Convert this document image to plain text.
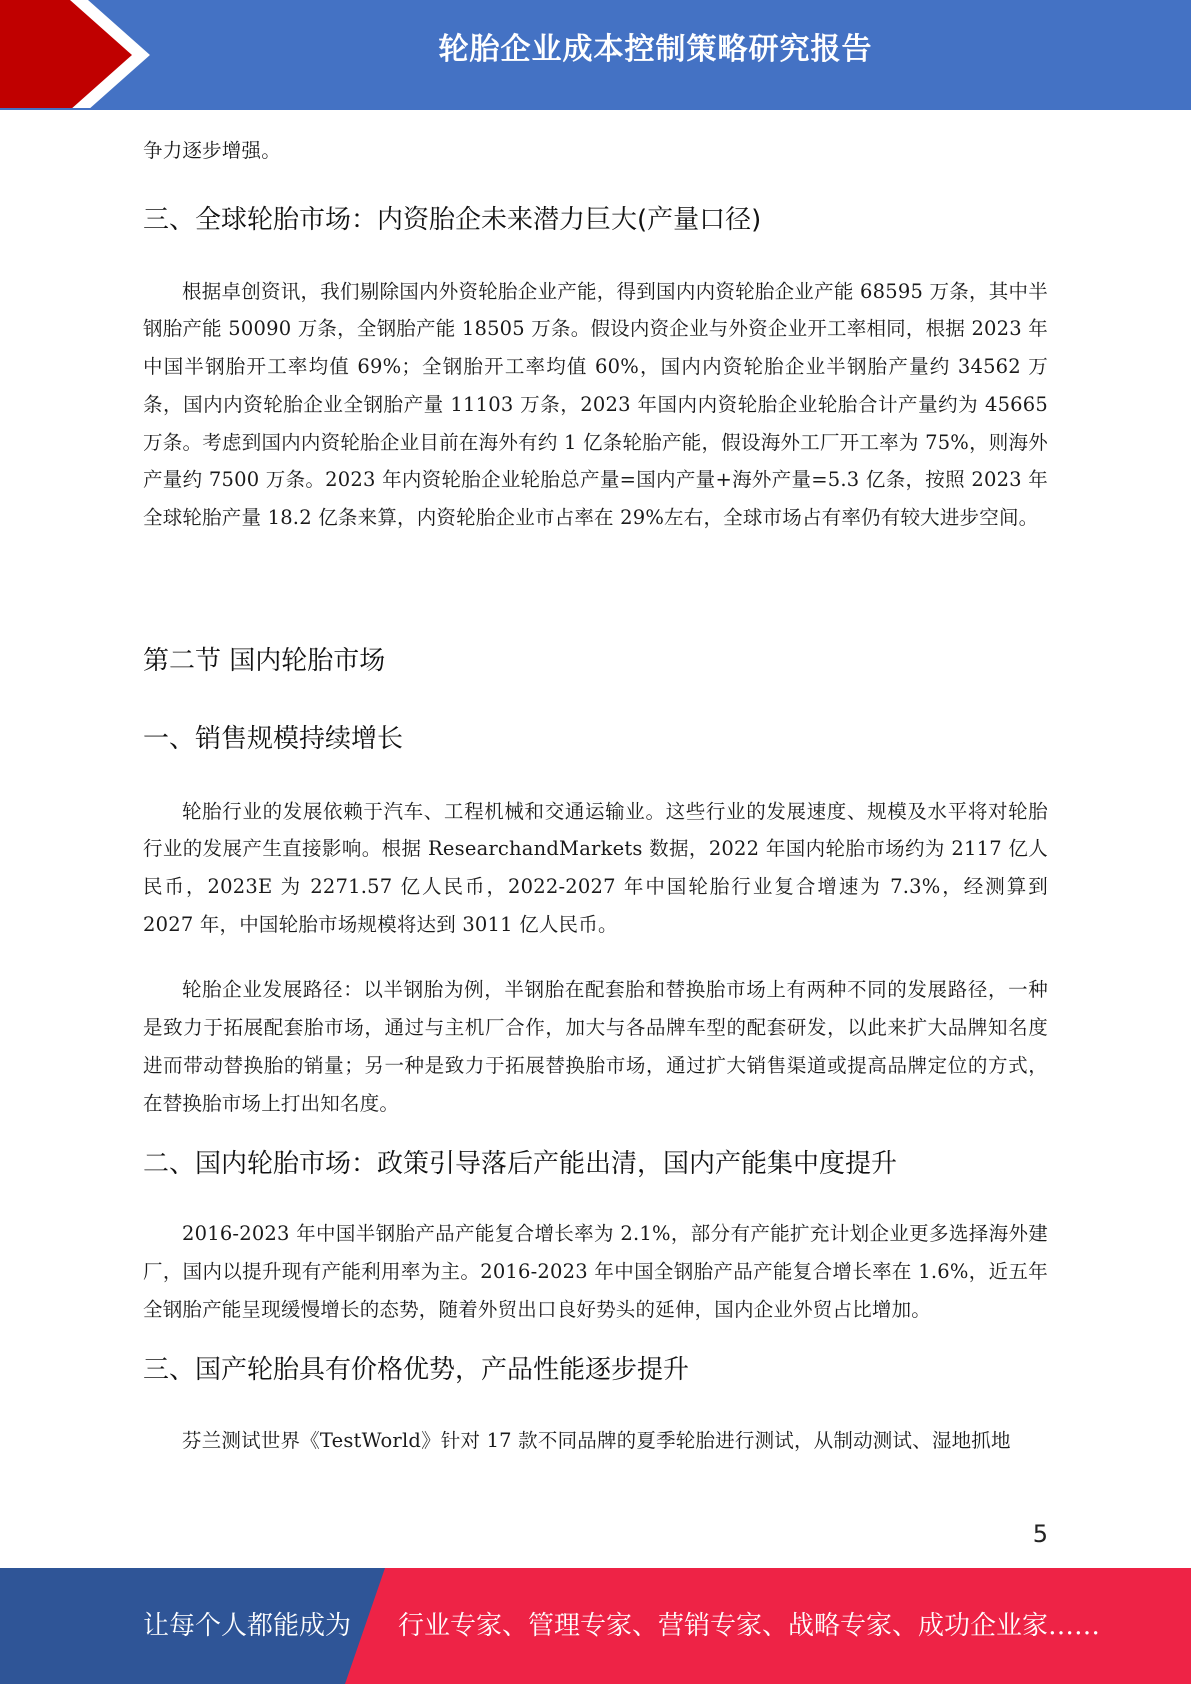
轮胎企业成本控制策略研究报告

争力逐步增强。

三、全球轮胎市场：内资胎企未来潜力巨大(产量口径)

根据卓创资讯，我们剔除国内外资轮胎企业产能，得到国内内资轮胎企业产能 68595 万条，其中半钢胎产能 50090 万条，全钢胎产能 18505 万条。假设内资企业与外资企业开工率相同，根据 2023 年中国半钢胎开工率均值 69%；全钢胎开工率均值 60%，国内内资轮胎企业半钢胎产量约 34562 万条，国内内资轮胎企业全钢胎产量 11103 万条，2023 年国内内资轮胎企业轮胎合计产量约为 45665 万条。考虑到国内内资轮胎企业目前在海外有约 1 亿条轮胎产能，假设海外工厂开工率为 75%，则海外产量约 7500 万条。2023 年内资轮胎企业轮胎总产量=国内产量+海外产量=5.3 亿条，按照 2023 年全球轮胎产量 18.2 亿条来算，内资轮胎企业市占率在 29%左右，全球市场占有率仍有较大进步空间。

第二节 国内轮胎市场
一、销售规模持续增长

轮胎行业的发展依赖于汽车、工程机械和交通运输业。这些行业的发展速度、规模及水平将对轮胎行业的发展产生直接影响。根据 ResearchandMarkets 数据，2022 年国内轮胎市场约为 2117 亿人民币，2023E 为 2271.57 亿人民币，2022-2027 年中国轮胎行业复合增速为 7.3%，经测算到 2027 年，中国轮胎市场规模将达到 3011 亿人民币。

轮胎企业发展路径：以半钢胎为例，半钢胎在配套胎和替换胎市场上有两种不同的发展路径，一种是致力于拓展配套胎市场，通过与主机厂合作，加大与各品牌车型的配套研发，以此来扩大品牌知名度进而带动替换胎的销量；另一种是致力于拓展替换胎市场，通过扩大销售渠道或提高品牌定位的方式，在替换胎市场上打出知名度。

二、国内轮胎市场：政策引导落后产能出清，国内产能集中度提升

2016-2023 年中国半钢胎产品产能复合增长率为 2.1%，部分有产能扩充计划企业更多选择海外建厂，国内以提升现有产能利用率为主。2016-2023 年中国全钢胎产品产能复合增长率在 1.6%，近五年全钢胎产能呈现缓慢增长的态势，随着外贸出口良好势头的延伸，国内企业外贸占比增加。

三、国产轮胎具有价格优势，产品性能逐步提升

芬兰测试世界《TestWorld》针对 17 款不同品牌的夏季轮胎进行测试，从制动测试、湿地抓地

5
让每个人都能成为 行业专家、管理专家、营销专家、战略专家、成功企业家……
